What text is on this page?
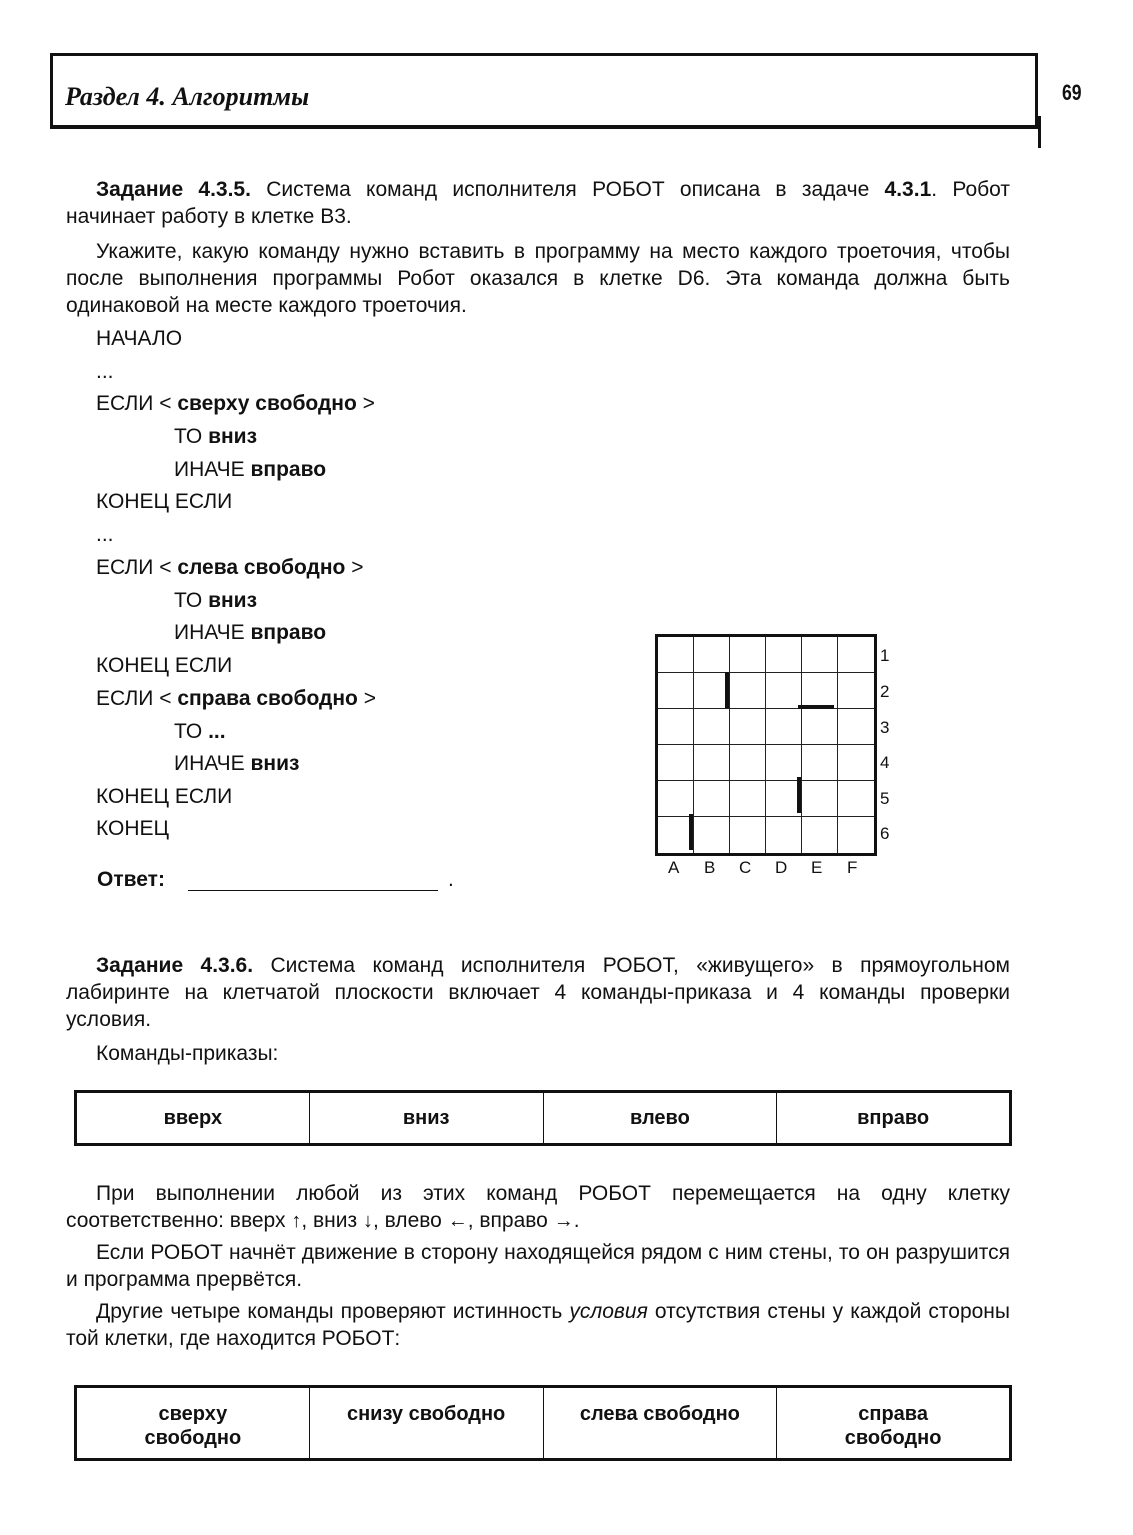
Раздел 4. Алгоритмы	69
Задание 4.3.5. Система команд исполнителя РОБОТ описана в задаче 4.3.1. Робот начинает работу в клетке B3.
Укажите, какую команду нужно вставить в программу на место каждого троеточия, чтобы после выполнения программы Робот оказался в клетке D6. Эта команда должна быть одинаковой на месте каждого троеточия.
НАЧАЛО
...
ЕСЛИ < сверху свободно >
ТО вниз
ИНАЧЕ вправо
КОНЕЦ ЕСЛИ
...
ЕСЛИ < слева свободно >
ТО вниз
ИНАЧЕ вправо
КОНЕЦ ЕСЛИ
ЕСЛИ < справа свободно >
ТО ...
ИНАЧЕ вниз
КОНЕЦ ЕСЛИ
КОНЕЦ
Ответ:	.
1
2
3
4
5
6
A B C D E F
Задание 4.3.6. Система команд исполнителя РОБОТ, «живущего» в прямоугольном лабиринте на клетчатой плоскости включает 4 команды-приказа и 4 команды проверки условия.
Команды-приказы:
вверх	вниз	влево	вправо
При выполнении любой из этих команд РОБОТ перемещается на одну клетку соответственно: вверх ↑, вниз ↓, влево ←, вправо →.
Если РОБОТ начнёт движение в сторону находящейся рядом с ним стены, то он разрушится и программа прервётся.
Другие четыре команды проверяют истинность условия отсутствия стены у каждой стороны той клетки, где находится РОБОТ:
сверху свободно	снизу свободно	слева свободно	справа свободно
